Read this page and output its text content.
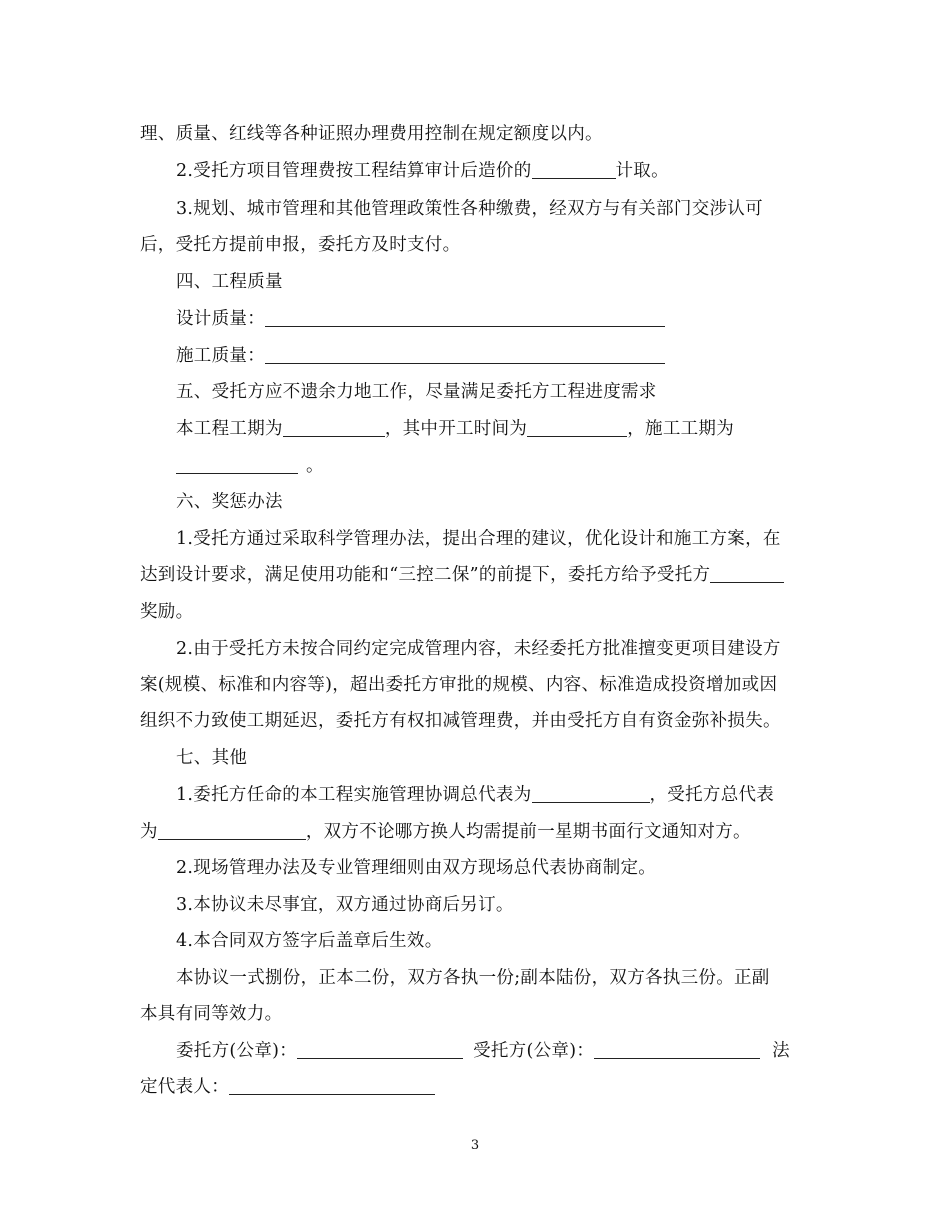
理、质量、红线等各种证照办理费用控制在规定额度以内。
2.受托方项目管理费按工程结算审计后造价的	计取。
3.规划、城市管理和其他管理政策性各种缴费，经双方与有关部门交涉认可
后，受托方提前申报，委托方及时支付。
四、工程质量
设计质量：
施工质量：
五、受托方应不遗余力地工作，尽量满足委托方工程进度需求
本工程工期为	，其中开工时间为	，施工工期为
。
六、奖惩办法
1.受托方通过采取科学管理办法，提出合理的建议，优化设计和施工方案，在
达到设计要求，满足使用功能和“三控二保”的前提下，委托方给予受托方
奖励。
2.由于受托方未按合同约定完成管理内容，未经委托方批准擅变更项目建设方
案(规模、标准和内容等)，超出委托方审批的规模、内容、标准造成投资增加或因
组织不力致使工期延迟，委托方有权扣减管理费，并由受托方自有资金弥补损失。
七、其他
1.委托方任命的本工程实施管理协调总代表为	，受托方总代表
为	，双方不论哪方换人均需提前一星期书面行文通知对方。
2.现场管理办法及专业管理细则由双方现场总代表协商制定。
3.本协议未尽事宜，双方通过协商后另订。
4.本合同双方签字后盖章后生效。
本协议一式捌份，正本二份，双方各执一份;副本陆份，双方各执三份。正副
本具有同等效力。
委托方(公章)：	受托方(公章)：	法
定代表人：
3
